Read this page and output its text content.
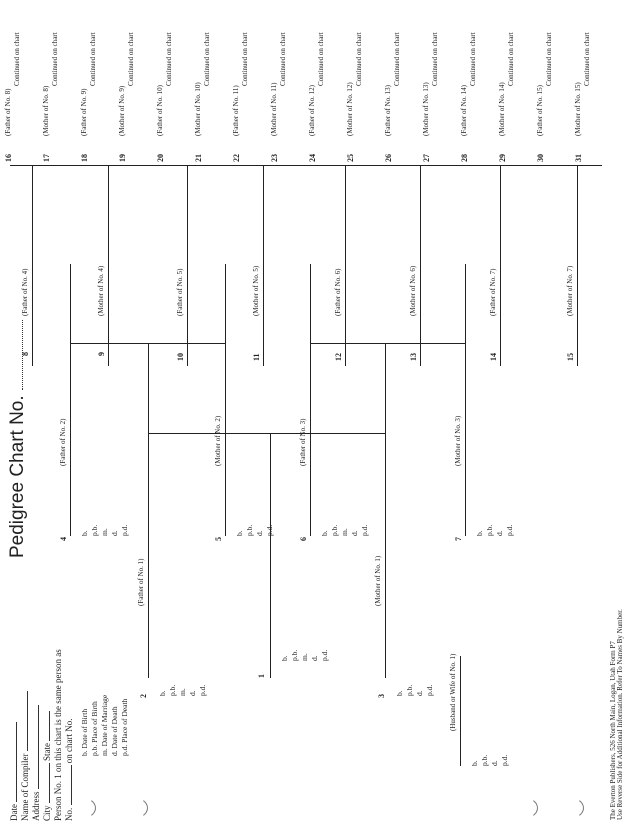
Pedigree Chart No.
Date Name of Compiler Address City  State Person No. 1 on this chart is the same person as No.  on chart No. b. Date of Birth p.b. Place of Birth m. Date of Marriage d. Date of Death p.d. Place of Death	The Everton Publishers, 526 North Main, Logan, Utah Form P7 Use Reverse Side for Additional Information. Refer To Names By Number.
1
b. p.b. m. d. p.d.
2
(Father of No. 1)
b. p.b. m. d. p.d.	3
(Mother of No. 1)
b. p.b. d. p.d. (Husband or Wife of No. 1)
b. p.b. d. p.d.
4
(Father of No. 2)
b. p.b. m. d. p.d.
5
(Mother of No. 2)
b. p.b. d. p.d.
6
(Father of No. 3)
b. p.b. m. d. p.d.
7
(Mother of No. 3)
b. p.b. d. p.d.
8
(Father of No. 4)
9
(Mother of No. 4)
10
(Father of No. 5)
11
(Mother of No. 5)
12
(Father of No. 6)
13
(Mother of No. 6)
14
(Father of No. 7)
15
(Mother of No. 7)
16
(Father of No. 8)
Continued on chart
17
(Mother of No. 8)
Continued on chart
18
(Father of No. 9)
Continued on chart
19
(Mother of No. 9)
Continued on chart
20
(Father of No. 10)
Continued on chart
21
(Mother of No. 10)
Continued on chart
22
(Father of No. 11)
Continued on chart
23
(Mother of No. 11)
Continued on chart
24
(Father of No. 12)
Continued on chart
25
(Mother of No. 12)
Continued on chart
26
(Father of No. 13)
Continued on chart
27
(Mother of No. 13)
Continued on chart
28
(Father of No. 14)
Continued on chart
29
(Mother of No. 14)
Continued on chart
30
(Father of No. 15)
Continued on chart
31
(Mother of No. 15)
Continued on chart
